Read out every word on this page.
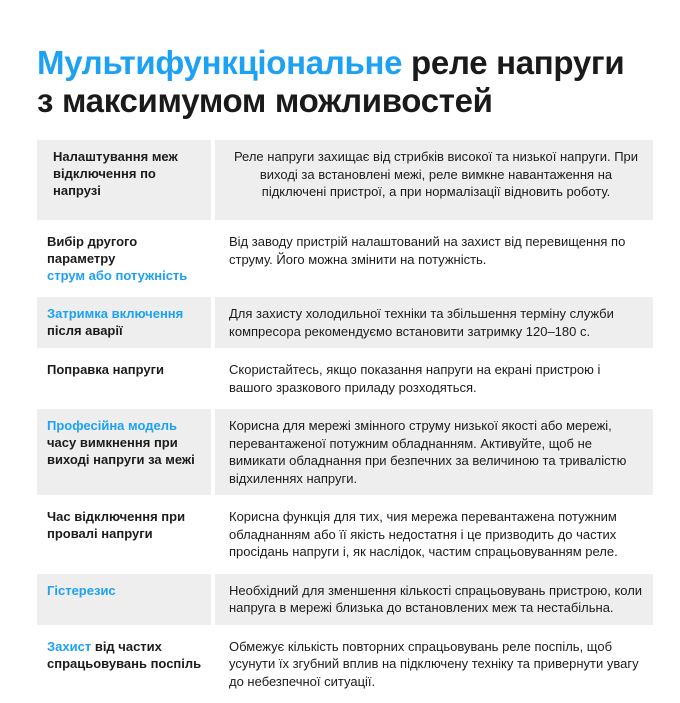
Мультифункціональне реле напруги
з максимумом можливостей
Налаштування меж відключення по напрузі
Реле напруги захищає від стрибків високої та низької напруги. При виході за встановлені межі, реле вимкне навантаження на підключені пристрої, а при нормалізації відновить роботу.
Вибір другого параметру
струм або потужність
Від заводу пристрій налаштований на захист від перевищення по струму. Його можна змінити на потужність.
Затримка включення
після аварії
Для захисту холодильної техніки та збільшення терміну служби компресора рекомендуємо встановити затримку 120–180 с.
Поправка напруги	Скористайтесь, якщо показання напруги на екрані пристрою і вашого зразкового приладу розходяться.
Професійна модель
часу вимкнення при виході напруги за межі
Корисна для мережі змінного струму низької якості або мережі, перевантаженої потужним обладнанням. Активуйте, щоб не вимикати обладнання при безпечних за величиною та тривалістю відхиленнях напруги.
Час відключення при провалі напруги
Корисна функція для тих, чия мережа перевантажена потужним обладнанням або її якість недостатня і це призводить до частих просідань напруги і, як наслідок, частим спрацьовуванням реле.
Гістерезис	Необхідний для зменшення кількості спрацьовувань пристрою, коли напруга в мережі близька до встановлених меж та нестабільна.
Захист від частих спрацьовувань поспіль
Обмежує кількість повторних спрацьовувань реле поспіль, щоб усунути їх згубний вплив на підключену техніку та привернути увагу до небезпечної ситуації.
